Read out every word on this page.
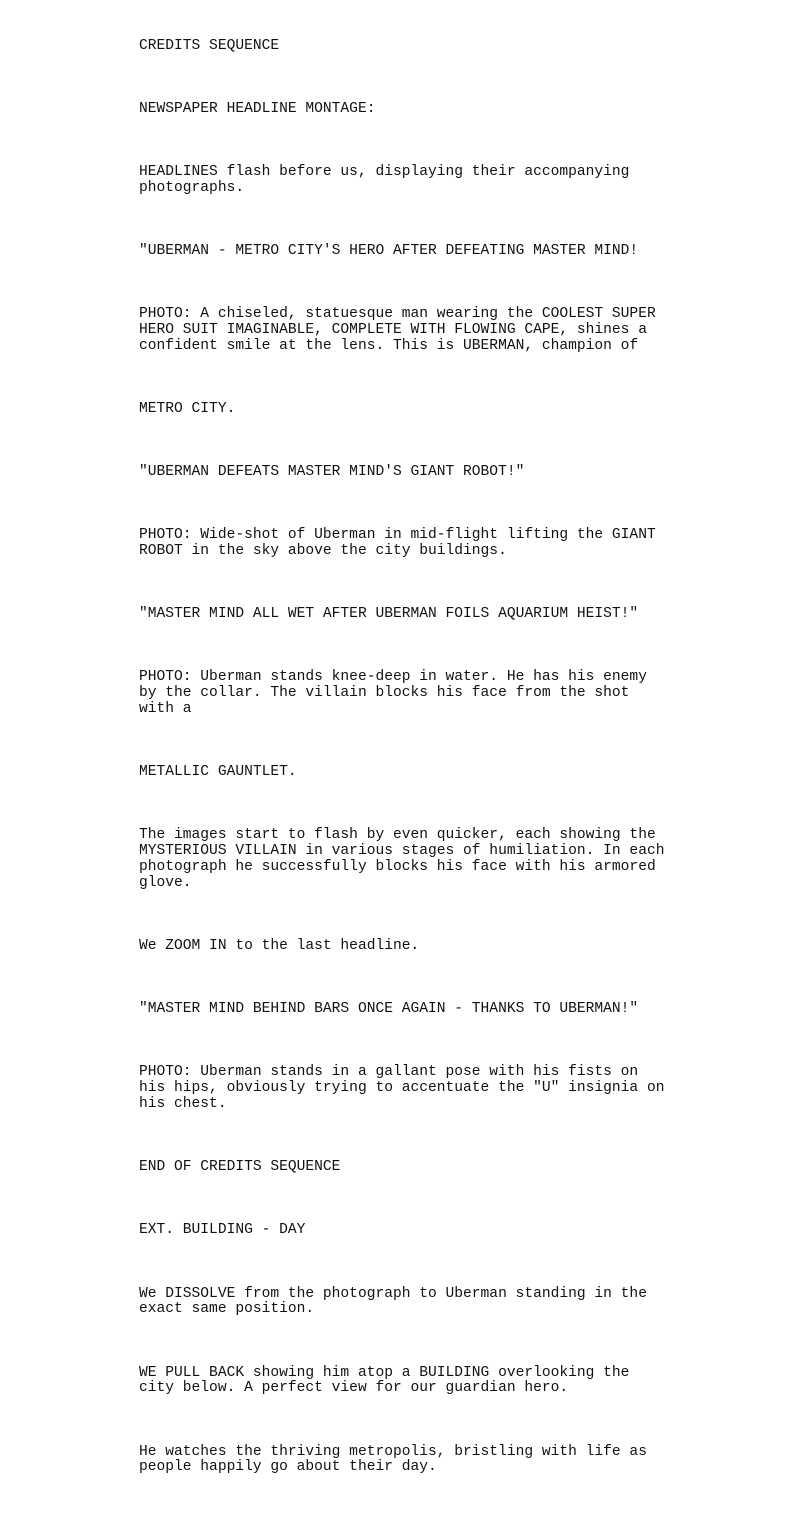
CREDITS SEQUENCE

NEWSPAPER HEADLINE MONTAGE:

HEADLINES flash before us, displaying their accompanying
photographs.

"UBERMAN - METRO CITY'S HERO AFTER DEFEATING MASTER MIND!

PHOTO: A chiseled, statuesque man wearing the COOLEST SUPER
HERO SUIT IMAGINABLE, COMPLETE WITH FLOWING CAPE, shines a
confident smile at the lens. This is UBERMAN, champion of

METRO CITY.

"UBERMAN DEFEATS MASTER MIND'S GIANT ROBOT!"

PHOTO: Wide-shot of Uberman in mid-flight lifting the GIANT
ROBOT in the sky above the city buildings.

"MASTER MIND ALL WET AFTER UBERMAN FOILS AQUARIUM HEIST!"

PHOTO: Uberman stands knee-deep in water. He has his enemy
by the collar. The villain blocks his face from the shot
with a

METALLIC GAUNTLET.

The images start to flash by even quicker, each showing the
MYSTERIOUS VILLAIN in various stages of humiliation. In each
photograph he successfully blocks his face with his armored
glove.

We ZOOM IN to the last headline.

"MASTER MIND BEHIND BARS ONCE AGAIN - THANKS TO UBERMAN!"

PHOTO: Uberman stands in a gallant pose with his fists on
his hips, obviously trying to accentuate the "U" insignia on
his chest.

END OF CREDITS SEQUENCE

EXT. BUILDING - DAY

We DISSOLVE from the photograph to Uberman standing in the
exact same position.

WE PULL BACK showing him atop a BUILDING overlooking the
city below. A perfect view for our guardian hero.

He watches the thriving metropolis, bristling with life as
people happily go about their day.
